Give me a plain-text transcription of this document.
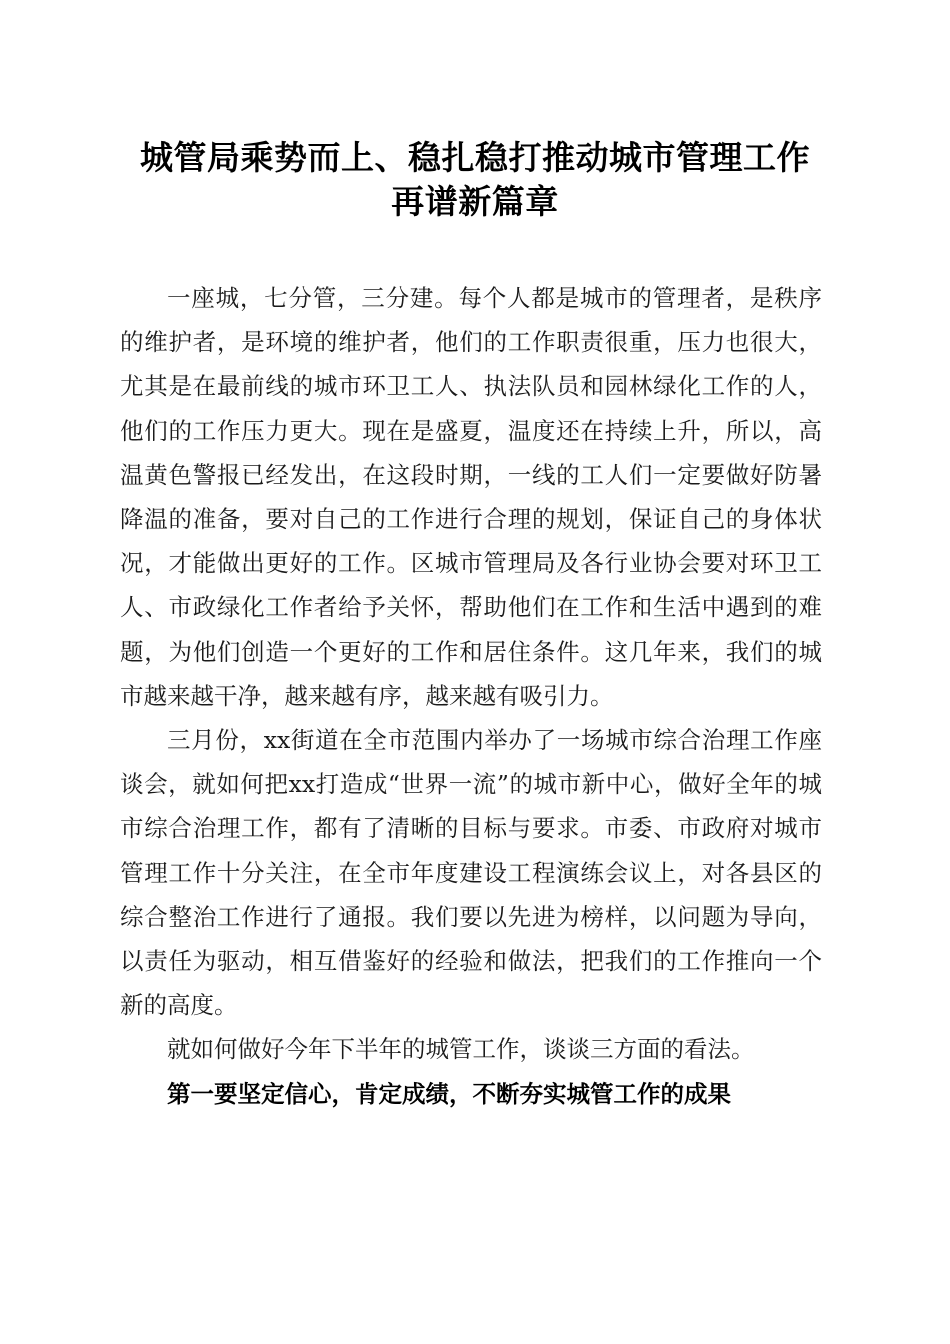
城管局乘势而上、稳扎稳打推动城市管理工作
再谱新篇章

一座城，七分管，三分建。每个人都是城市的管理者，是秩序的维护者，是环境的维护者，他们的工作职责很重，压力也很大，尤其是在最前线的城市环卫工人、执法队员和园林绿化工作的人，他们的工作压力更大。现在是盛夏，温度还在持续上升，所以，高温黄色警报已经发出，在这段时期，一线的工人们一定要做好防暑降温的准备，要对自己的工作进行合理的规划，保证自己的身体状况，才能做出更好的工作。区城市管理局及各行业协会要对环卫工人、市政绿化工作者给予关怀，帮助他们在工作和生活中遇到的难题，为他们创造一个更好的工作和居住条件。这几年来，我们的城市越来越干净，越来越有序，越来越有吸引力。

三月份，xx街道在全市范围内举办了一场城市综合治理工作座谈会，就如何把xx打造成“世界一流”的城市新中心，做好全年的城市综合治理工作，都有了清晰的目标与要求。市委、市政府对城市管理工作十分关注，在全市年度建设工程演练会议上，对各县区的综合整治工作进行了通报。我们要以先进为榜样，以问题为导向，以责任为驱动，相互借鉴好的经验和做法，把我们的工作推向一个新的高度。

就如何做好今年下半年的城管工作，谈谈三方面的看法。

第一要坚定信心，肯定成绩，不断夯实城管工作的成果
